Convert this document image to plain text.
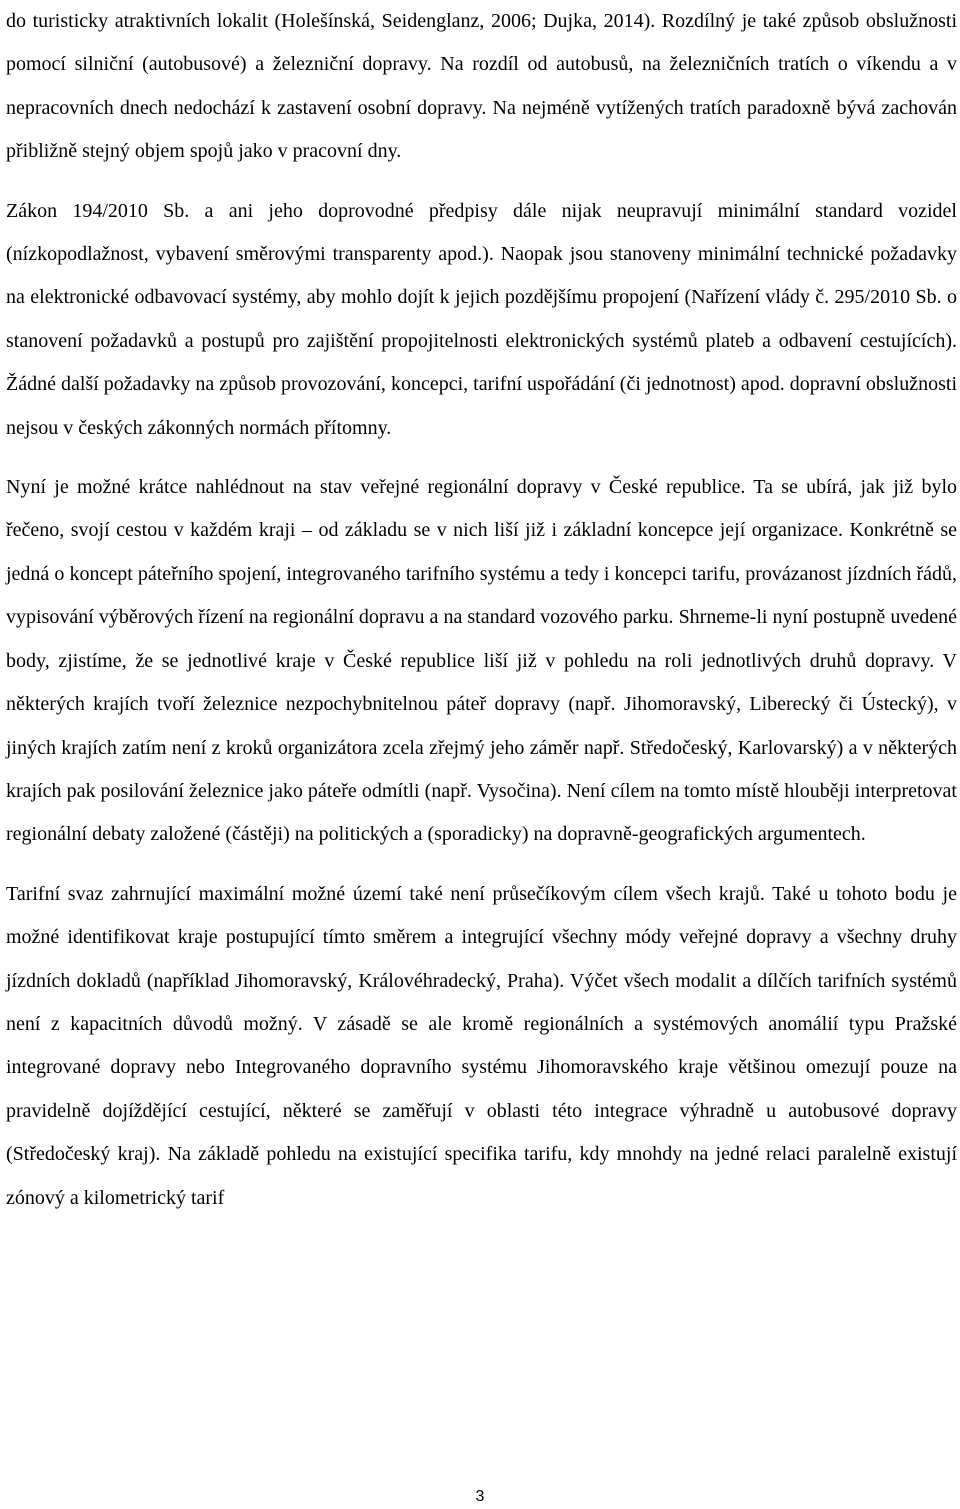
do turisticky atraktivních lokalit (Holešínská, Seidenglanz, 2006; Dujka, 2014). Rozdílný je také způsob obslužnosti pomocí silniční (autobusové) a železniční dopravy. Na rozdíl od autobusů, na železničních tratích o víkendu a v nepracovních dnech nedochází k zastavení osobní dopravy. Na nejméně vytížených tratích paradoxně bývá zachován přibližně stejný objem spojů jako v pracovní dny.

Zákon 194/2010 Sb. a ani jeho doprovodné předpisy dále nijak neupravují minimální standard vozidel (nízkopodlažnost, vybavení směrovými transparenty apod.). Naopak jsou stanoveny minimální technické požadavky na elektronické odbavovací systémy, aby mohlo dojít k jejich pozdějšímu propojení (Nařízení vlády č. 295/2010 Sb. o stanovení požadavků a postupů pro zajištění propojitelnosti elektronických systémů plateb a odbavení cestujících). Žádné další požadavky na způsob provozování, koncepci, tarifní uspořádání (či jednotnost) apod. dopravní obslužnosti nejsou v českých zákonných normách přítomny.

Nyní je možné krátce nahlédnout na stav veřejné regionální dopravy v České republice. Ta se ubírá, jak již bylo řečeno, svojí cestou v každém kraji – od základu se v nich liší již i základní koncepce její organizace. Konkrétně se jedná o koncept páteřního spojení, integrovaného tarifního systému a tedy i koncepci tarifu, provázanost jízdních řádů, vypisování výběrových řízení na regionální dopravu a na standard vozového parku. Shrneme-li nyní postupně uvedené body, zjistíme, že se jednotlivé kraje v České republice liší již v pohledu na roli jednotlivých druhů dopravy. V některých krajích tvoří železnice nezpochybnitelnou páteř dopravy (např. Jihomoravský, Liberecký či Ústecký), v jiných krajích zatím není z kroků organizátora zcela zřejmý jeho záměr např. Středočeský, Karlovarský) a v některých krajích pak posilování železnice jako páteře odmítli (např. Vysočina). Není cílem na tomto místě hlouběji interpretovat regionální debaty založené (částěji) na politických a (sporadicky) na dopravně-geografických argumentech.

Tarifní svaz zahrnující maximální možné území také není průsečíkovým cílem všech krajů. Také u tohoto bodu je možné identifikovat kraje postupující tímto směrem a integrující všechny módy veřejné dopravy a všechny druhy jízdních dokladů (například Jihomoravský, Královéhradecký, Praha). Výčet všech modalit a dílčích tarifních systémů není z kapacitních důvodů možný. V zásadě se ale kromě regionálních a systémových anomálií typu Pražské integrované dopravy nebo Integrovaného dopravního systému Jihomoravského kraje většinou omezují pouze na pravidelně dojíždějící cestující, některé se zaměřují v oblasti této integrace výhradně u autobusové dopravy (Středočeský kraj). Na základě pohledu na existující specifika tarifu, kdy mnohdy na jedné relaci paralelně existují zónový a kilometrický tarif

3
